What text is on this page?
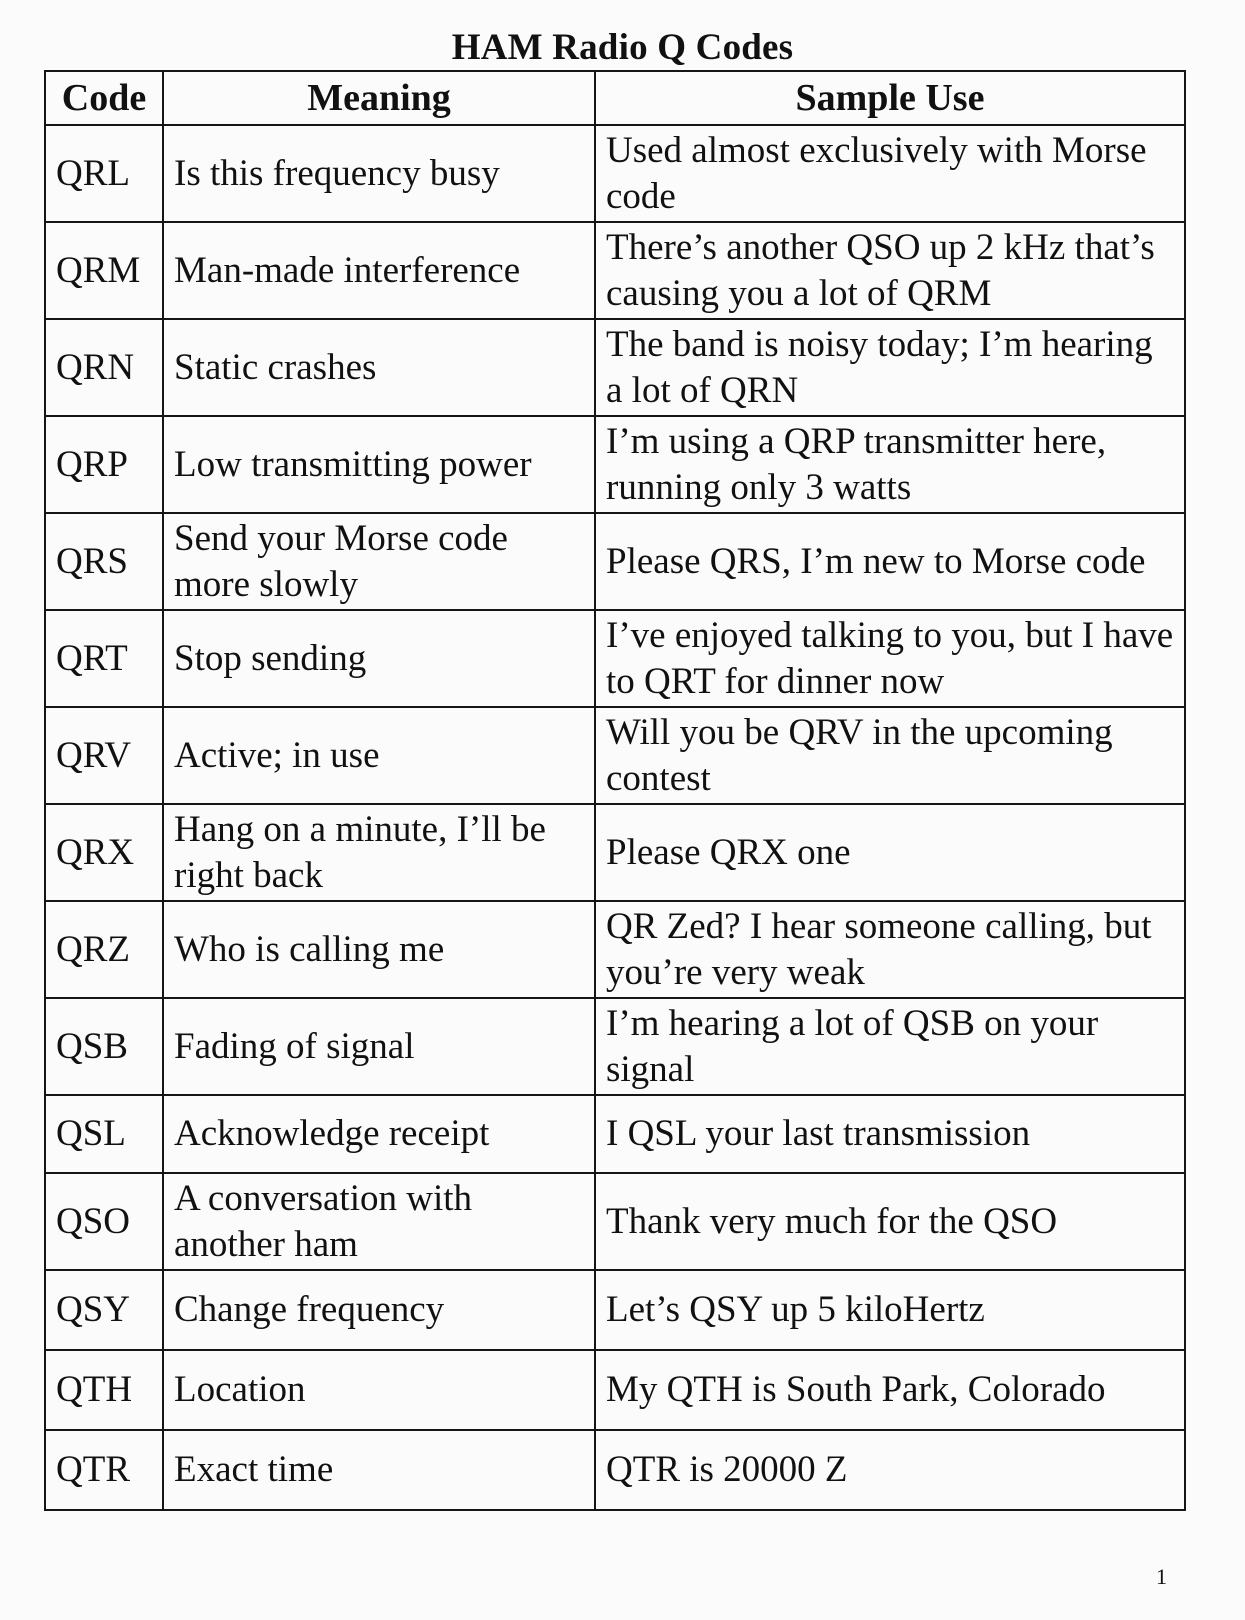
HAM Radio Q Codes
Code	Meaning	Sample Use
QRL	Is this frequency busy	Used almost exclusively with Morse code
QRM	Man-made interference	There’s another QSO up 2 kHz that’s causing you a lot of QRM
QRN	Static crashes	The band is noisy today; I’m hearing a lot of QRN
QRP	Low transmitting power	I’m using a QRP transmitter here, running only 3 watts
QRS	Send your Morse code more slowly	Please QRS, I’m new to Morse code
QRT	Stop sending	I’ve enjoyed talking to you, but I have to QRT for dinner now
QRV	Active; in use	Will you be QRV in the upcoming contest
QRX	Hang on a minute, I’ll be right back	Please QRX one
QRZ	Who is calling me	QR Zed? I hear someone calling, but you’re very weak
QSB	Fading of signal	I’m hearing a lot of QSB on your signal
QSL	Acknowledge receipt	I QSL your last transmission
QSO	A conversation with another ham	Thank very much for the QSO
QSY	Change frequency	Let’s QSY up 5 kiloHertz
QTH	Location	My QTH is South Park, Colorado
QTR	Exact time	QTR is 20000 Z
1
